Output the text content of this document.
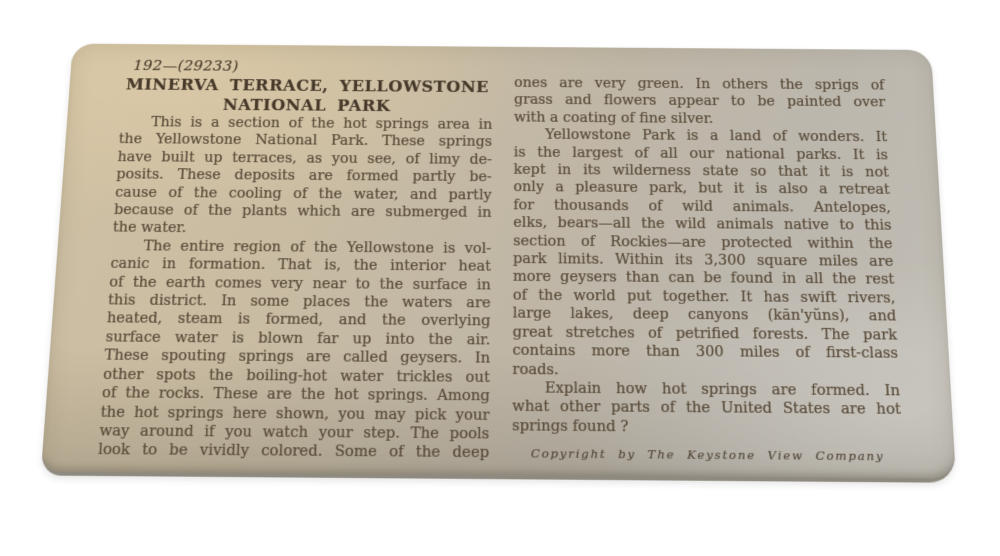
192—(29233)
MINERVA TERRACE, YELLOWSTONE
NATIONAL PARK
This is a section of the hot springs area in
the Yellowstone National Park. These springs
have built up terraces, as you see, of limy de-
posits. These deposits are formed partly be-
cause of the cooling of the water, and partly
because of the plants which are submerged in
the water.
The entire region of the Yellowstone is vol-
canic in formation. That is, the interior heat
of the earth comes very near to the surface in
this district. In some places the waters are
heated, steam is formed, and the overlying
surface water is blown far up into the air.
These spouting springs are called geysers. In
other spots the boiling-hot water trickles out
of the rocks. These are the hot springs. Among
the hot springs here shown, you may pick your
way around if you watch your step. The pools
look to be vividly colored. Some of the deep
ones are very green. In others the sprigs of
grass and flowers appear to be painted over
with a coating of fine silver.
Yellowstone Park is a land of wonders. It
is the largest of all our national parks. It is
kept in its wilderness state so that it is not
only a pleasure park, but it is also a retreat
for thousands of wild animals. Antelopes,
elks, bears—all the wild animals native to this
section of Rockies—are protected within the
park limits. Within its 3,300 square miles are
more geysers than can be found in all the rest
of the world put together. It has swift rivers,
large lakes, deep canyons (kăn'yŭns), and
great stretches of petrified forests. The park
contains more than 300 miles of first-class
roads.
Explain how hot springs are formed. In
what other parts of the United States are hot
springs found ?
Copyright by The Keystone View Company
